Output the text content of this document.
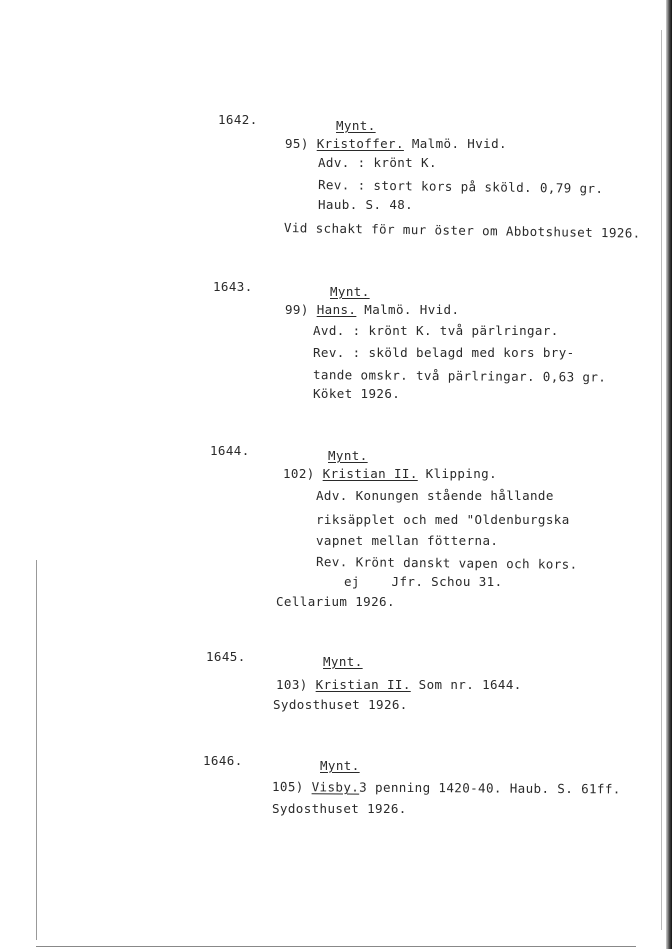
1642.	Mynt.
95) Kristoffer. Malmö. Hvid.
Adv. : krönt K.
Rev. : stort kors på sköld. 0,79 gr.
Haub. S. 48.
Vid schakt för mur öster om Abbotshuset 1926.
1643.	Mynt.
99) Hans. Malmö. Hvid.
Avd. : krönt K. två pärlringar.
Rev. : sköld belagd med kors bry-
tande omskr. två pärlringar. 0,63 gr.
Köket 1926.
1644.	Mynt.
102) Kristian II. Klipping.
Adv. Konungen stående hållande
riksäpplet och med "Oldenburgska
vapnet mellan fötterna.
Rev. Krönt danskt vapen och kors.
ej    Jfr. Schou 31.
Cellarium 1926.
1645.	Mynt.
103) Kristian II. Som nr. 1644.
Sydosthuset 1926.
1646.	Mynt.
105) Visby.3 penning 1420-40. Haub. S. 61ff.
Sydosthuset 1926.
